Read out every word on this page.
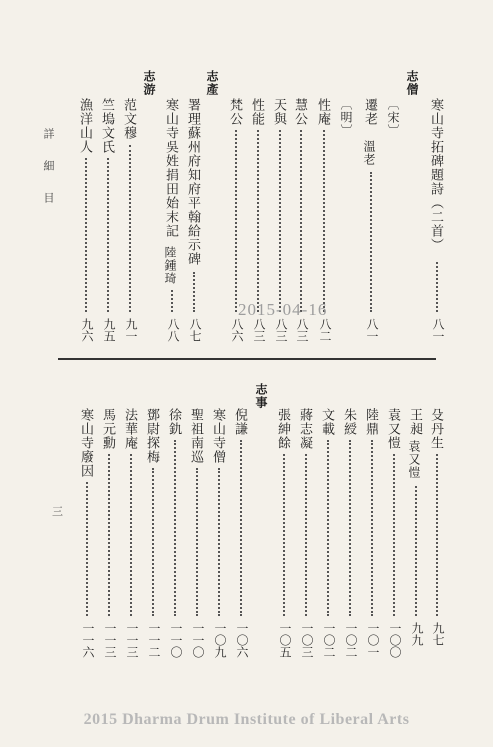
詳 細 目
三
志僧
寒山寺拓碑題詩（二首）
八一
〔宋〕
遷老
溫老
八一
〔明〕
性庵
八二
慧公
八三
天與
八三
性能
八三
梵公
八六
志產
署理蘇州府知府平翰給示碑
八七
寒山寺吳姓捐田始末記
陸鍾琦
八八
志游
范文穆
九一
竺塢文氏
九五
漁洋山人
九六
2015-04-16
殳丹生
九七
王昶
袁又愷
九九
袁又愷
一〇〇
陸鼎
一〇一
朱綬
一〇二
文載
一〇二
蔣志凝
一〇三
張紳餘
一〇五
志事
倪謙
一〇六
寒山寺僧
一〇九
聖祖南巡
一一〇
徐釚
一一〇
鄧尉探梅
一一二
法華庵
一一三
馬元勳
一一三
寒山寺廢因
一一六
2015 Dharma Drum Institute of Liberal Arts
